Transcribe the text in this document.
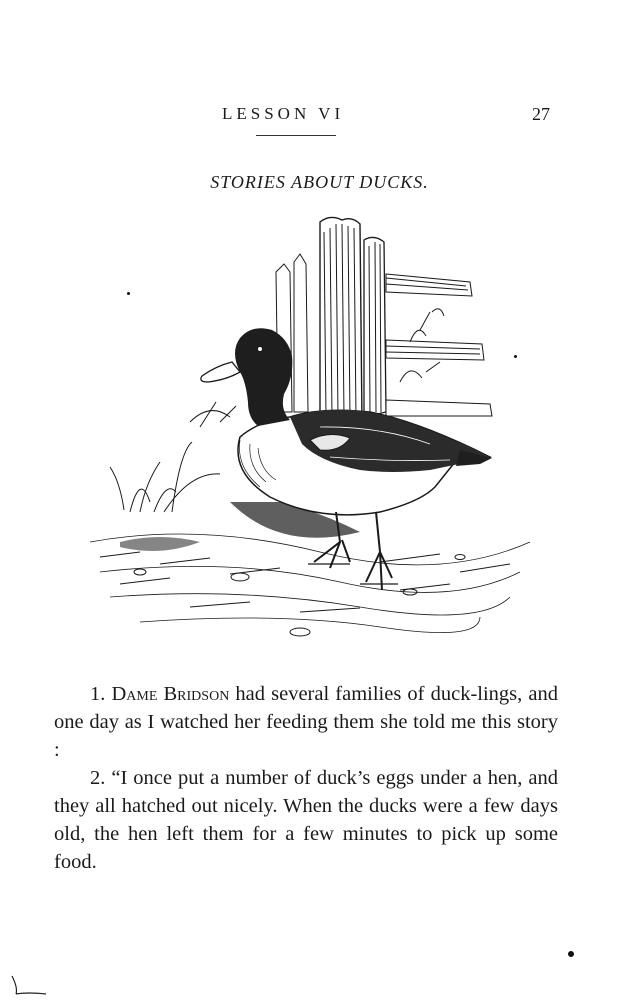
LESSON VI	27
STORIES ABOUT DUCKS.

1. Dame Bridson had several families of duck-lings, and one day as I watched her feeding them she told me this story :

2. “I once put a number of duck’s eggs under a hen, and they all hatched out nicely. When the ducks were a few days old, the hen left them for a few minutes to pick up some food.
